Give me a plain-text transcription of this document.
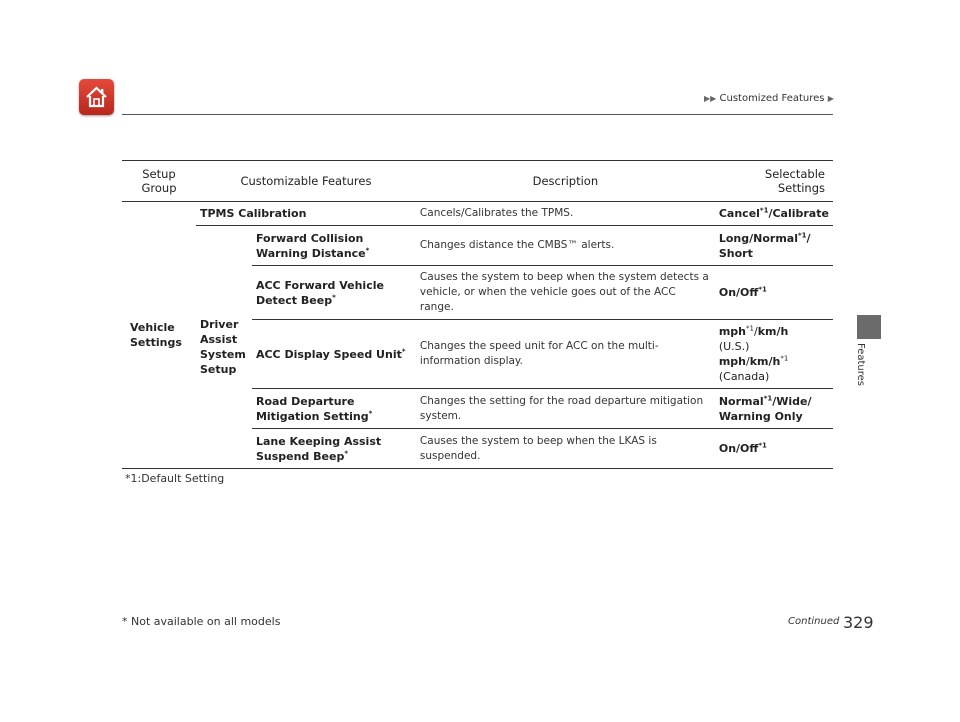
▶▶ Customized Features ▶
Features
Setup Group	Customizable Features		Description	Selectable Settings
Vehicle Settings	TPMS Calibration		Cancels/Calibrates the TPMS.	Cancel$^{*1}$/Calibrate
	Driver Assist System Setup	Forward Collision Warning Distance*	Changes distance the CMBS™ alerts.	Long/Normal$^{*1}$/ Short
		ACC Forward Vehicle Detect Beep*	Causes the system to beep when the system detects a vehicle, or when the vehicle goes out of the ACC range.	On/Off$^{*1}$
		ACC Display Speed Unit*	Changes the speed unit for ACC on the multi-information display.	mph$^{*1}$/km/h
(U.S.)
mph/$km/h^{*1}$
(Canada)
		Road Departure Mitigation Setting*	Changes the setting for the road departure mitigation system.	Normal$^{*1}$/Wide/ Warning Only
		Lane Keeping Assist Suspend Beep*	Causes the system to beep when the LKAS is suspended.	On/Off$^{*1}$
*1:Default Setting
* Not available on all models	Continued 329
